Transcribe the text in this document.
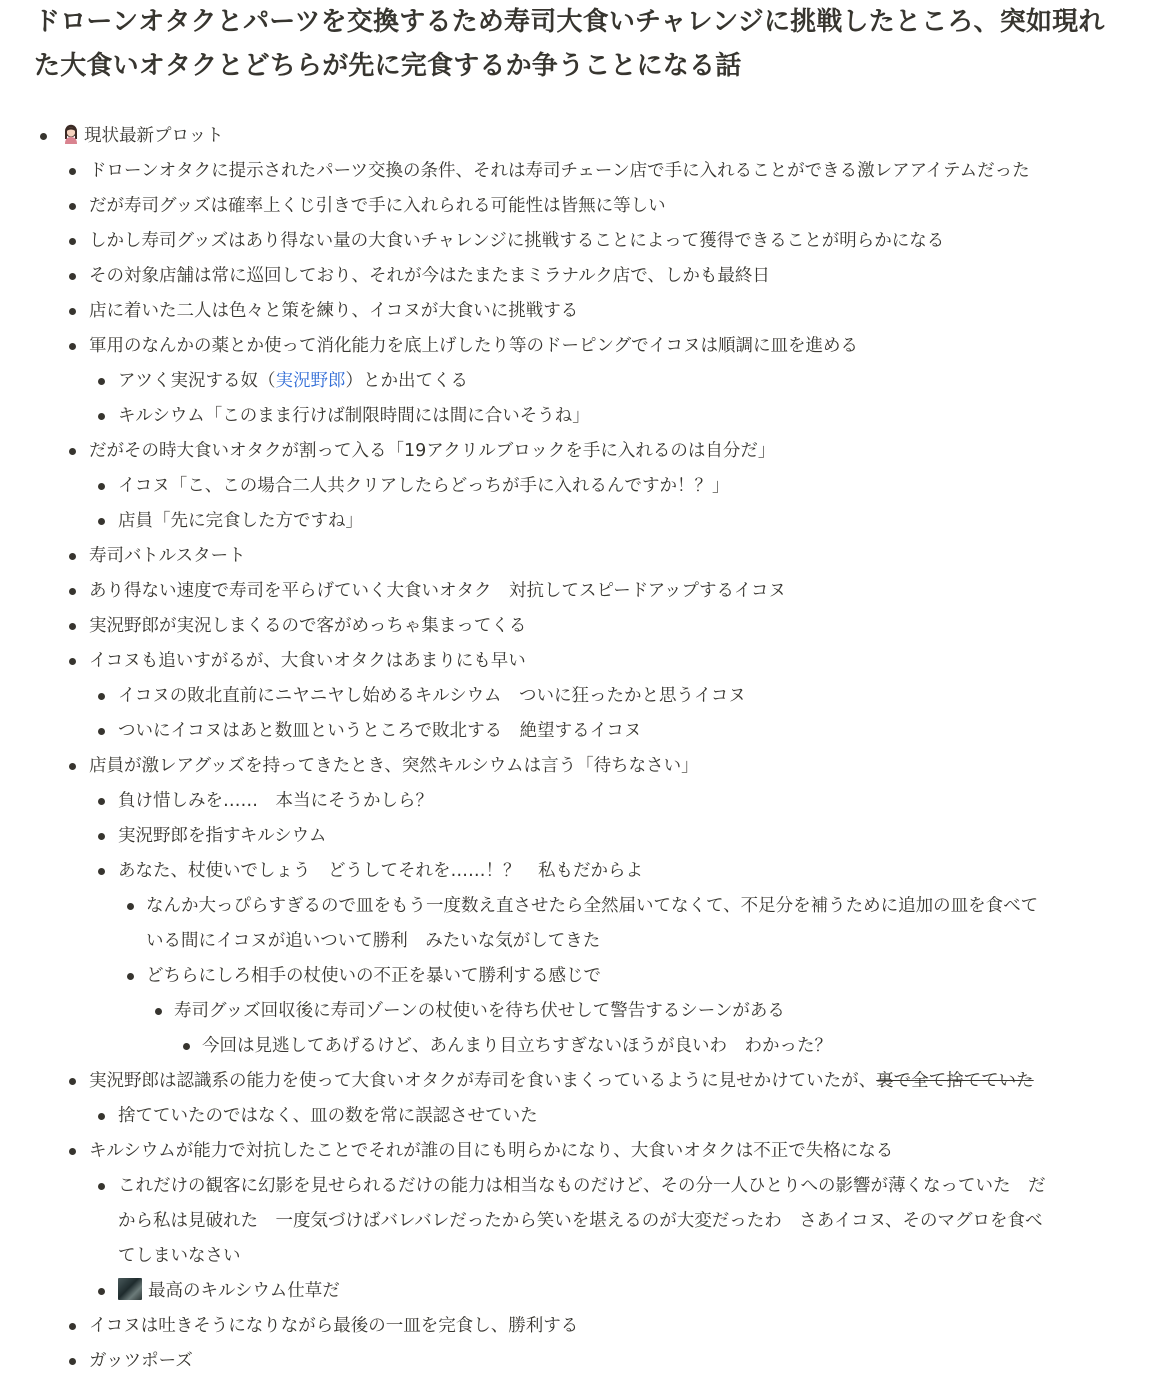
ドローンオタクとパーツを交換するため寿司大食いチャレンジに挑戦したところ、突如現れた大食いオタクとどちらが先に完食するか争うことになる話
現状最新プロット
ドローンオタクに提示されたパーツ交換の条件、それは寿司チェーン店で手に入れることができる激レアアイテムだった
だが寿司グッズは確率上くじ引きで手に入れられる可能性は皆無に等しい
しかし寿司グッズはあり得ない量の大食いチャレンジに挑戦することによって獲得できることが明らかになる
その対象店舗は常に巡回しており、それが今はたまたまミラナルク店で、しかも最終日
店に着いた二人は色々と策を練り、イコヌが大食いに挑戦する
軍用のなんかの薬とか使って消化能力を底上げしたり等のドーピングでイコヌは順調に皿を進める
アツく実況する奴（実況野郎）とか出てくる
キルシウム「このまま行けば制限時間には間に合いそうね」
だがその時大食いオタクが割って入る「19アクリルブロックを手に入れるのは自分だ」
イコヌ「こ、この場合二人共クリアしたらどっちが手に入れるんですか！？」
店員「先に完食した方ですね」
寿司バトルスタート
あり得ない速度で寿司を平らげていく大食いオタク　対抗してスピードアップするイコヌ
実況野郎が実況しまくるので客がめっちゃ集まってくる
イコヌも追いすがるが、大食いオタクはあまりにも早い
イコヌの敗北直前にニヤニヤし始めるキルシウム　ついに狂ったかと思うイコヌ
ついにイコヌはあと数皿というところで敗北する　絶望するイコヌ
店員が激レアグッズを持ってきたとき、突然キルシウムは言う「待ちなさい」
負け惜しみを……　本当にそうかしら？
実況野郎を指すキルシウム
あなた、杖使いでしょう　どうしてそれを……！？　私もだからよ
なんか大っぴらすぎるので皿をもう一度数え直させたら全然届いてなくて、不足分を補うために追加の皿を食べて
いる間にイコヌが追いついて勝利　みたいな気がしてきた
どちらにしろ相手の杖使いの不正を暴いて勝利する感じで
寿司グッズ回収後に寿司ゾーンの杖使いを待ち伏せして警告するシーンがある
今回は見逃してあげるけど、あんまり目立ちすぎないほうが良いわ　わかった？
実況野郎は認識系の能力を使って大食いオタクが寿司を食いまくっているように見せかけていたが、裏で全て捨てていた
捨てていたのではなく、皿の数を常に誤認させていた
キルシウムが能力で対抗したことでそれが誰の目にも明らかになり、大食いオタクは不正で失格になる
これだけの観客に幻影を見せられるだけの能力は相当なものだけど、その分一人ひとりへの影響が薄くなっていた　だ
から私は見破れた　一度気づけばバレバレだったから笑いを堪えるのが大変だったわ　さあイコヌ、そのマグロを食べ
てしまいなさい
最高のキルシウム仕草だ
イコヌは吐きそうになりながら最後の一皿を完食し、勝利する
ガッツポーズ
